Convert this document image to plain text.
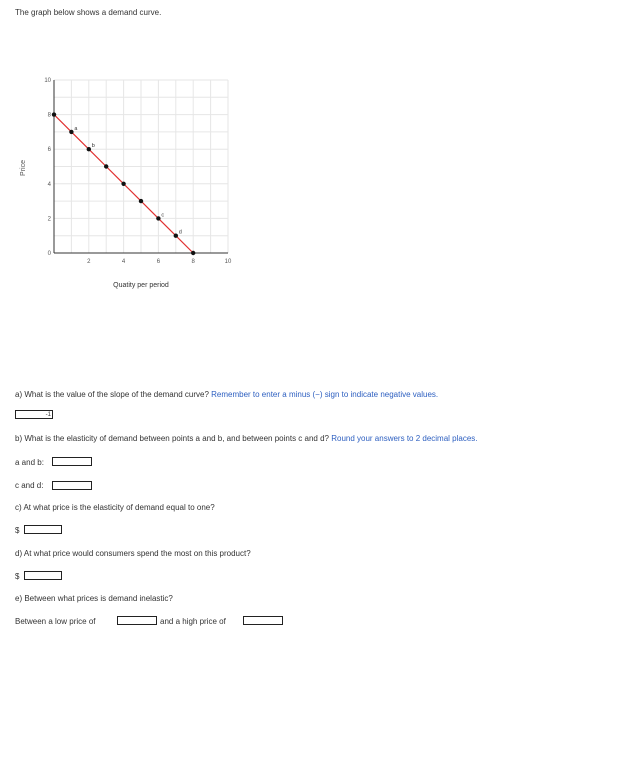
The graph below shows a demand curve.
2	4	6	8	10
0
2
4
6
8
10
a
b
c
d
Price
Quatity per period
a) What is the value of the slope of the demand curve? Remember to enter a minus (−) sign to indicate negative values.
-1
b) What is the elasticity of demand between points a and b, and between points c and d? Round your answers to 2 decimal places.
a and b:
c and d:
c) At what price is the elasticity of demand equal to one?
$
d) At what price would consumers spend the most on this product?
$
e) Between what prices is demand inelastic?
Between a low price of	and a high price of
